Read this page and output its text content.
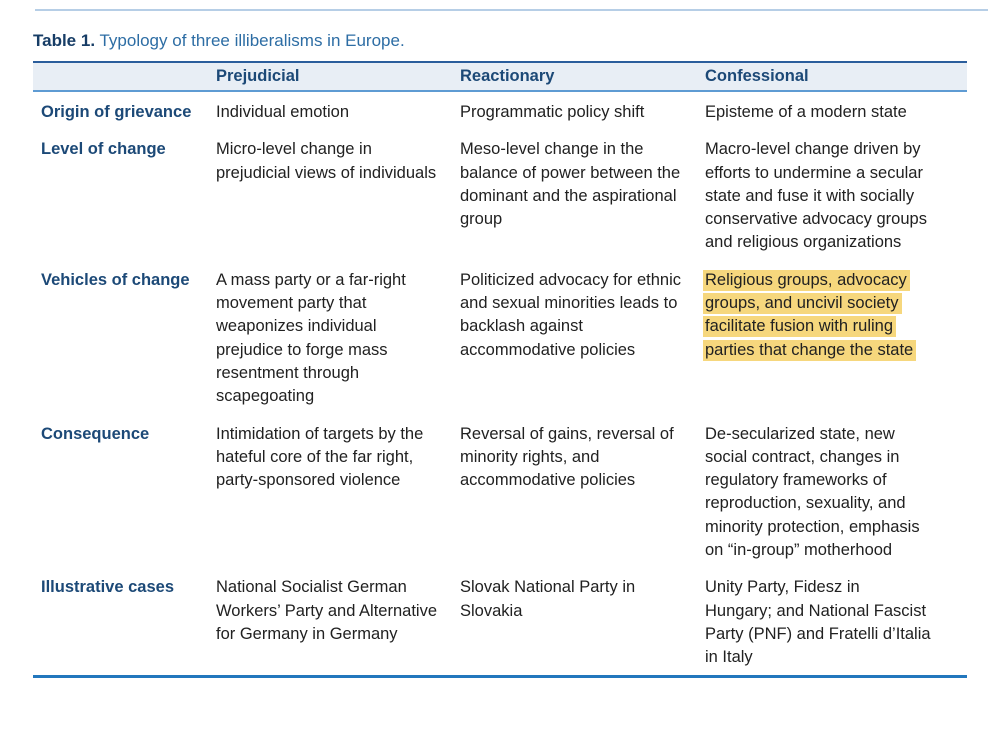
Table 1. Typology of three illiberalisms in Europe.

	Prejudicial	Reactionary	Confessional
Origin of grievance	Individual emotion	Programmatic policy shift	Episteme of a modern state
Level of change	Micro-level change in prejudicial views of individuals	Meso-level change in the balance of power between the dominant and the aspirational group	Macro-level change driven by efforts to undermine a secular state and fuse it with socially conservative advocacy groups and religious organizations
Vehicles of change	A mass party or a far-right movement party that weaponizes individual prejudice to forge mass resentment through scapegoating	Politicized advocacy for ethnic and sexual minorities leads to backlash against accommodative policies	Religious groups, advocacy groups, and uncivil society facilitate fusion with ruling parties that change the state
Consequence	Intimidation of targets by the hateful core of the far right, party-sponsored violence	Reversal of gains, reversal of minority rights, and accommodative policies	De-secularized state, new social contract, changes in regulatory frameworks of reproduction, sexuality, and minority protection, emphasis on “in-group” motherhood
Illustrative cases	National Socialist German Workers’ Party and Alternative for Germany in Germany	Slovak National Party in Slovakia	Unity Party, Fidesz in Hungary; and National Fascist Party (PNF) and Fratelli d’Italia in Italy
